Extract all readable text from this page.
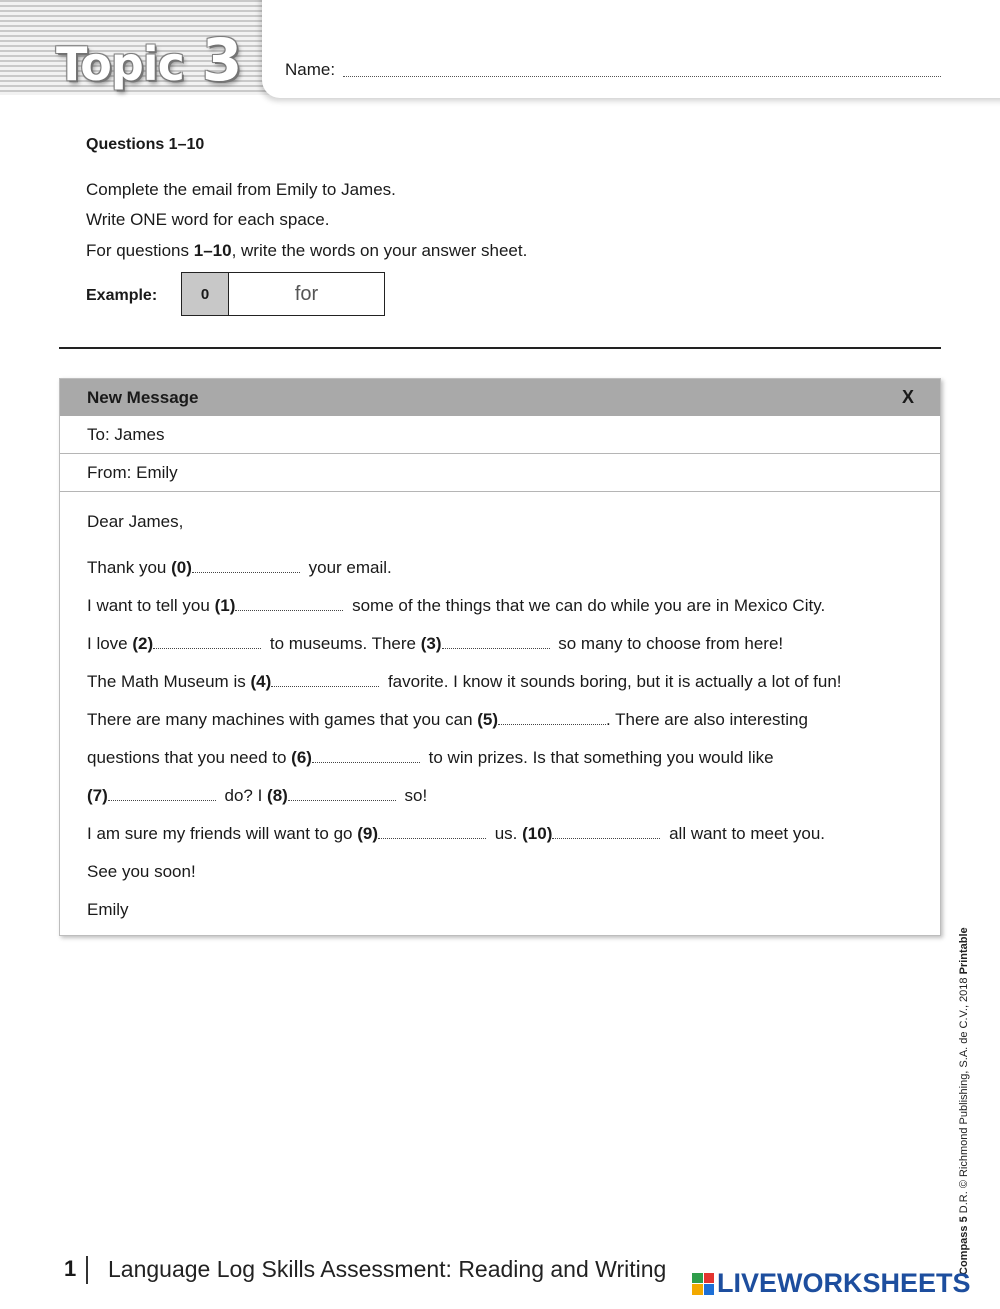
Topic 3	Name:
Questions 1–10
Complete the email from Emily to James.
Write ONE word for each space.
For questions 1–10, write the words on your answer sheet.
Example:	0	for
New Message	X
To: James
From: Emily
Dear James,
Thank you (0)	your email.
I want to tell you (1)	some of the things that we can do while you are in Mexico City.
I love (2)	to museums. There (3)	so many to choose from here!
The Math Museum is (4)	favorite. I know it sounds boring, but it is actually a lot of fun!
There are many machines with games that you can (5)	. There are also interesting
questions that you need to (6)	to win prizes. Is that something you would like
(7)	do? I (8)	so!
I am sure my friends will want to go (9)	us. (10)	all want to meet you.
See you soon!
Emily
1 Language Log Skills Assessment: Reading and Writing	Compass 5 D.R. © Richmond Publishing, S.A. de C.V., 2018 Printable
LIVEWORKSHEETS
